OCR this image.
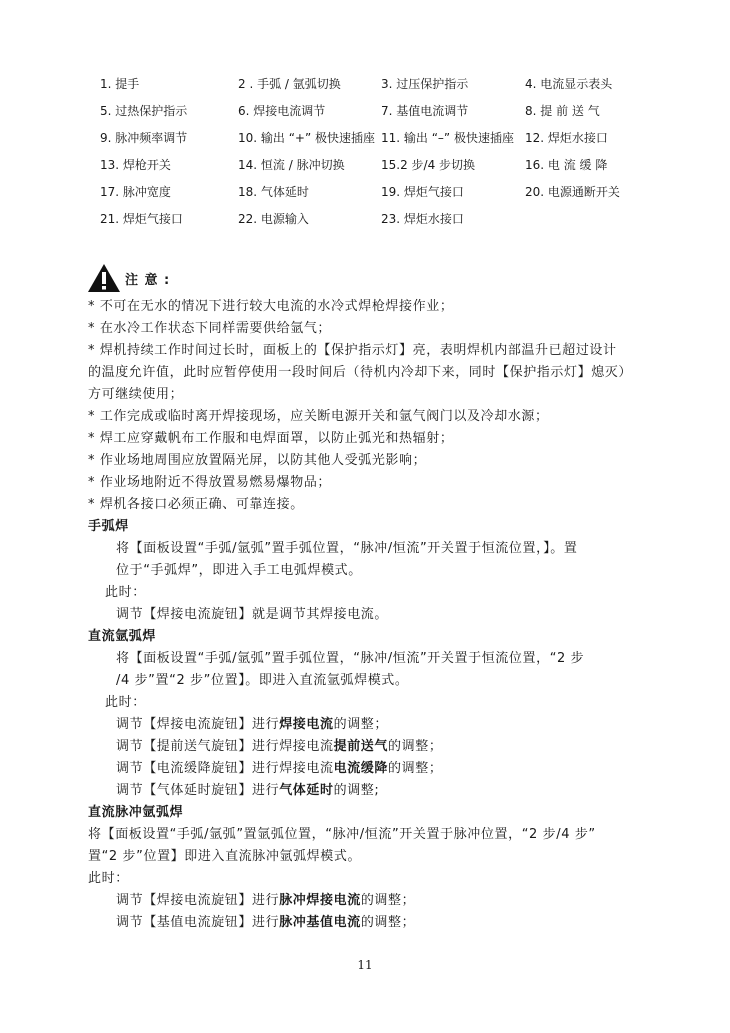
1. 提手	2 . 手弧 / 氩弧切换	3. 过压保护指示	4. 电流显示表头
5. 过热保护指示	6. 焊接电流调节	7. 基值电流调节	8. 提 前 送 气
9. 脉冲频率调节	10. 输出 “+” 极快速插座 11. 输出 “–” 极快速插座 12. 焊炬水接口
13. 焊枪开关	14. 恒流 / 脉冲切换	15.2 步/4 步切换	16. 电 流 缓 降
17. 脉冲宽度	18. 气体延时	19. 焊炬气接口	20. 电源通断开关
21. 焊炬气接口	22. 电源输入	23. 焊炬水接口
注 意 :
* 不可在无水的情况下进行较大电流的水冷式焊枪焊接作业；
* 在水冷工作状态下同样需要供给氩气；
* 焊机持续工作时间过长时，面板上的【保护指示灯】亮，表明焊机内部温升已超过设计
的温度允许值，此时应暂停使用一段时间后（待机内冷却下来，同时【保护指示灯】熄灭）
方可继续使用；
* 工作完成或临时离开焊接现场，应关断电源开关和氩气阀门以及冷却水源；
* 焊工应穿戴帆布工作服和电焊面罩，以防止弧光和热辐射；
* 作业场地周围应放置隔光屏，以防其他人受弧光影响；
* 作业场地附近不得放置易燃易爆物品；
* 焊机各接口必须正确、可靠连接。
手弧焊
将【面板设置“手弧/氩弧”置手弧位置，“脉冲/恒流”开关置于恒流位置，】。置
位于“手弧焊”，即进入手工电弧焊模式。
此时：
调节【焊接电流旋钮】就是调节其焊接电流。
直流氩弧焊
将【面板设置“手弧/氩弧”置手弧位置，“脉冲/恒流”开关置于恒流位置，“2 步
/4 步”置“2 步”位置】。即进入直流氩弧焊模式。
此时：
调节【焊接电流旋钮】进行焊接电流的调整；
调节【提前送气旋钮】进行焊接电流提前送气的调整；
调节【电流缓降旋钮】进行焊接电流电流缓降的调整；
调节【气体延时旋钮】进行气体延时的调整;
直流脉冲氩弧焊
将【面板设置“手弧/氩弧”置氩弧位置，“脉冲/恒流”开关置于脉冲位置，“2 步/4 步”
置“2 步”位置】即进入直流脉冲氩弧焊模式。
此时：
调节【焊接电流旋钮】进行脉冲焊接电流的调整；
调节【基值电流旋钮】进行脉冲基值电流的调整；
11
